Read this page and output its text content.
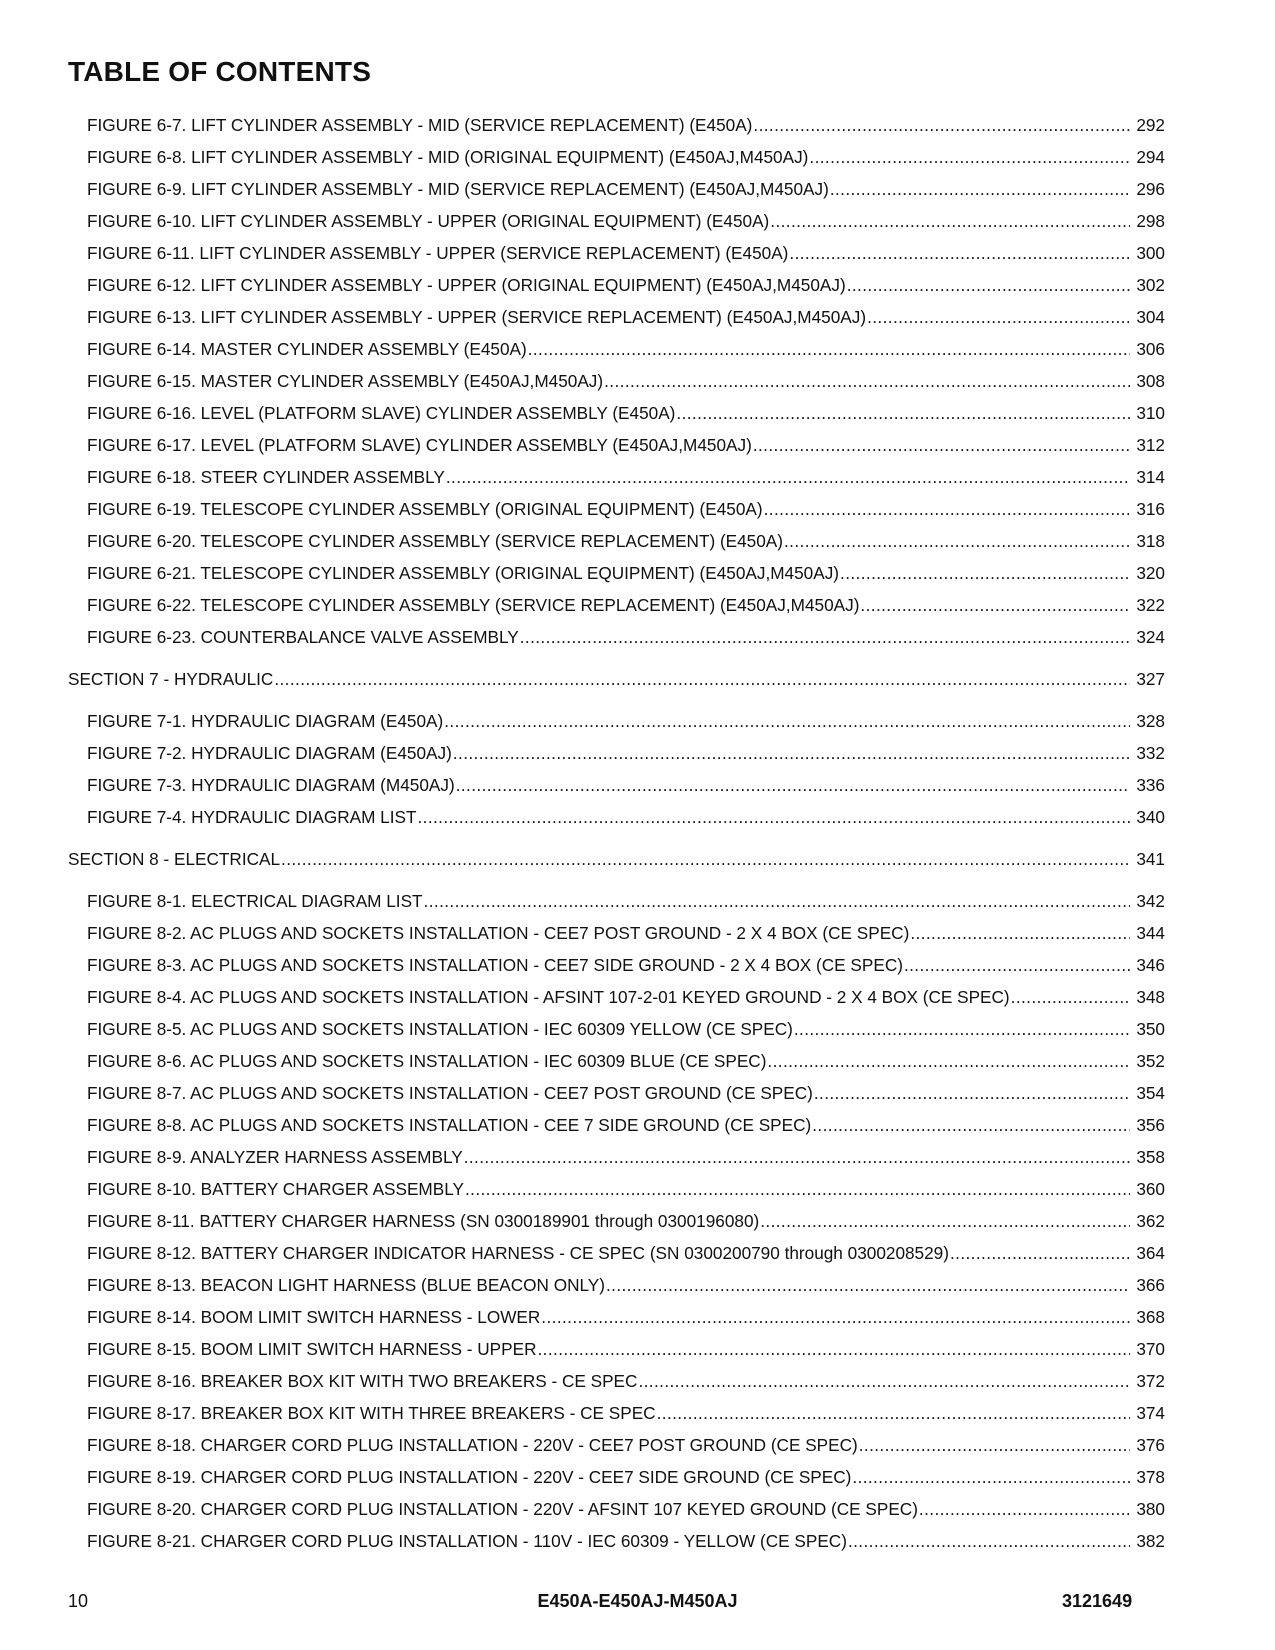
TABLE OF CONTENTS
FIGURE 6-7. LIFT CYLINDER ASSEMBLY - MID (SERVICE REPLACEMENT) (E450A) .....	292
FIGURE 6-8. LIFT CYLINDER ASSEMBLY - MID (ORIGINAL EQUIPMENT) (E450AJ,M450AJ) .....	294
FIGURE 6-9. LIFT CYLINDER ASSEMBLY - MID (SERVICE REPLACEMENT) (E450AJ,M450AJ) .....	296
FIGURE 6-10. LIFT CYLINDER ASSEMBLY - UPPER (ORIGINAL EQUIPMENT) (E450A) .....	298
FIGURE 6-11. LIFT CYLINDER ASSEMBLY - UPPER (SERVICE REPLACEMENT) (E450A) .....	300
FIGURE 6-12. LIFT CYLINDER ASSEMBLY - UPPER (ORIGINAL EQUIPMENT) (E450AJ,M450AJ) .....	302
FIGURE 6-13. LIFT CYLINDER ASSEMBLY - UPPER (SERVICE REPLACEMENT) (E450AJ,M450AJ) .....	304
FIGURE 6-14. MASTER CYLINDER ASSEMBLY (E450A) .....	306
FIGURE 6-15. MASTER CYLINDER ASSEMBLY (E450AJ,M450AJ) .....	308
FIGURE 6-16. LEVEL (PLATFORM SLAVE) CYLINDER ASSEMBLY (E450A) .....	310
FIGURE 6-17. LEVEL (PLATFORM SLAVE) CYLINDER ASSEMBLY (E450AJ,M450AJ) .....	312
FIGURE 6-18. STEER CYLINDER ASSEMBLY .....	314
FIGURE 6-19. TELESCOPE CYLINDER ASSEMBLY (ORIGINAL EQUIPMENT) (E450A) .....	316
FIGURE 6-20. TELESCOPE CYLINDER ASSEMBLY (SERVICE REPLACEMENT) (E450A) .....	318
FIGURE 6-21. TELESCOPE CYLINDER ASSEMBLY (ORIGINAL EQUIPMENT) (E450AJ,M450AJ) .....	320
FIGURE 6-22. TELESCOPE CYLINDER ASSEMBLY (SERVICE REPLACEMENT) (E450AJ,M450AJ) .....	322
FIGURE 6-23. COUNTERBALANCE VALVE ASSEMBLY .....	324
SECTION 7 - HYDRAULIC .....	327
FIGURE 7-1. HYDRAULIC DIAGRAM (E450A) .....	328
FIGURE 7-2. HYDRAULIC DIAGRAM (E450AJ) .....	332
FIGURE 7-3. HYDRAULIC DIAGRAM (M450AJ) .....	336
FIGURE 7-4. HYDRAULIC DIAGRAM LIST .....	340
SECTION 8 - ELECTRICAL .....	341
FIGURE 8-1. ELECTRICAL DIAGRAM LIST .....	342
FIGURE 8-2. AC PLUGS AND SOCKETS INSTALLATION - CEE7 POST GROUND - 2 X 4 BOX (CE SPEC) .....	344
FIGURE 8-3. AC PLUGS AND SOCKETS INSTALLATION - CEE7 SIDE GROUND - 2 X 4 BOX (CE SPEC) .....	346
FIGURE 8-4. AC PLUGS AND SOCKETS INSTALLATION - AFSINT 107-2-01 KEYED GROUND - 2 X 4 BOX (CE SPEC) .....	348
FIGURE 8-5. AC PLUGS AND SOCKETS INSTALLATION - IEC 60309 YELLOW (CE SPEC) .....	350
FIGURE 8-6. AC PLUGS AND SOCKETS INSTALLATION - IEC 60309 BLUE (CE SPEC) .....	352
FIGURE 8-7. AC PLUGS AND SOCKETS INSTALLATION - CEE7 POST GROUND (CE SPEC) .....	354
FIGURE 8-8. AC PLUGS AND SOCKETS INSTALLATION - CEE 7 SIDE GROUND (CE SPEC) .....	356
FIGURE 8-9. ANALYZER HARNESS ASSEMBLY .....	358
FIGURE 8-10. BATTERY CHARGER ASSEMBLY .....	360
FIGURE 8-11. BATTERY CHARGER HARNESS (SN 0300189901 through 0300196080) .....	362
FIGURE 8-12. BATTERY CHARGER INDICATOR HARNESS - CE SPEC (SN 0300200790 through 0300208529) .....	364
FIGURE 8-13. BEACON LIGHT HARNESS (BLUE BEACON ONLY) .....	366
FIGURE 8-14. BOOM LIMIT SWITCH HARNESS - LOWER .....	368
FIGURE 8-15. BOOM LIMIT SWITCH HARNESS - UPPER .....	370
FIGURE 8-16. BREAKER BOX KIT WITH TWO BREAKERS - CE SPEC .....	372
FIGURE 8-17. BREAKER BOX KIT WITH THREE BREAKERS - CE SPEC .....	374
FIGURE 8-18. CHARGER CORD PLUG INSTALLATION - 220V - CEE7 POST GROUND (CE SPEC) .....	376
FIGURE 8-19. CHARGER CORD PLUG INSTALLATION - 220V - CEE7 SIDE GROUND (CE SPEC) .....	378
FIGURE 8-20. CHARGER CORD PLUG INSTALLATION - 220V - AFSINT 107 KEYED GROUND (CE SPEC) .....	380
FIGURE 8-21. CHARGER CORD PLUG INSTALLATION - 110V - IEC 60309 - YELLOW (CE SPEC) .....	382
10	E450A-E450AJ-M450AJ	3121649
